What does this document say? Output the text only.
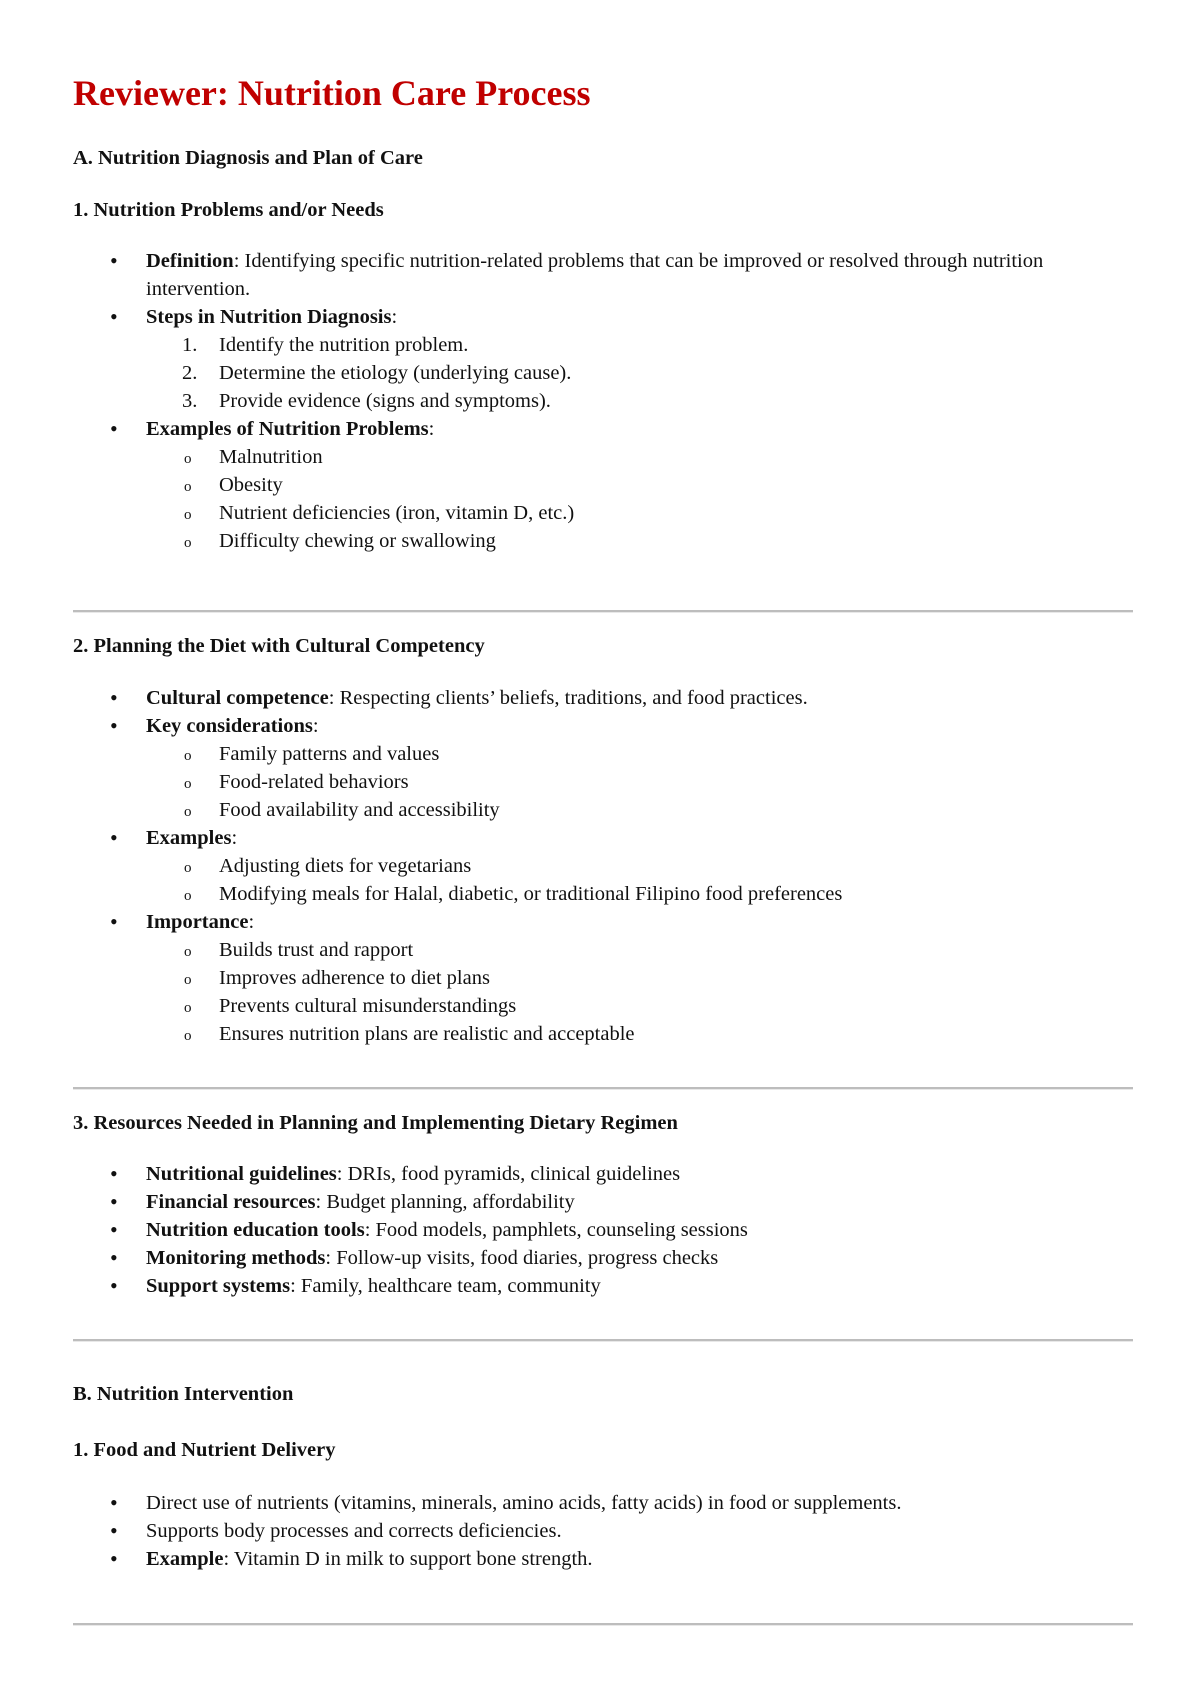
Reviewer: Nutrition Care Process

A. Nutrition Diagnosis and Plan of Care

1. Nutrition Problems and/or Needs

• Definition: Identifying specific nutrition-related problems that can be improved or resolved through nutrition intervention.
• Steps in Nutrition Diagnosis:
1. Identify the nutrition problem.
2. Determine the etiology (underlying cause).
3. Provide evidence (signs and symptoms).
• Examples of Nutrition Problems:
o Malnutrition
o Obesity
o Nutrient deficiencies (iron, vitamin D, etc.)
o Difficulty chewing or swallowing

2. Planning the Diet with Cultural Competency

• Cultural competence: Respecting clients’ beliefs, traditions, and food practices.
• Key considerations:
o Family patterns and values
o Food-related behaviors
o Food availability and accessibility
• Examples:
o Adjusting diets for vegetarians
o Modifying meals for Halal, diabetic, or traditional Filipino food preferences
• Importance:
o Builds trust and rapport
o Improves adherence to diet plans
o Prevents cultural misunderstandings
o Ensures nutrition plans are realistic and acceptable

3. Resources Needed in Planning and Implementing Dietary Regimen

• Nutritional guidelines: DRIs, food pyramids, clinical guidelines
• Financial resources: Budget planning, affordability
• Nutrition education tools: Food models, pamphlets, counseling sessions
• Monitoring methods: Follow-up visits, food diaries, progress checks
• Support systems: Family, healthcare team, community

B. Nutrition Intervention

1. Food and Nutrient Delivery

• Direct use of nutrients (vitamins, minerals, amino acids, fatty acids) in food or supplements.
• Supports body processes and corrects deficiencies.
• Example: Vitamin D in milk to support bone strength.
